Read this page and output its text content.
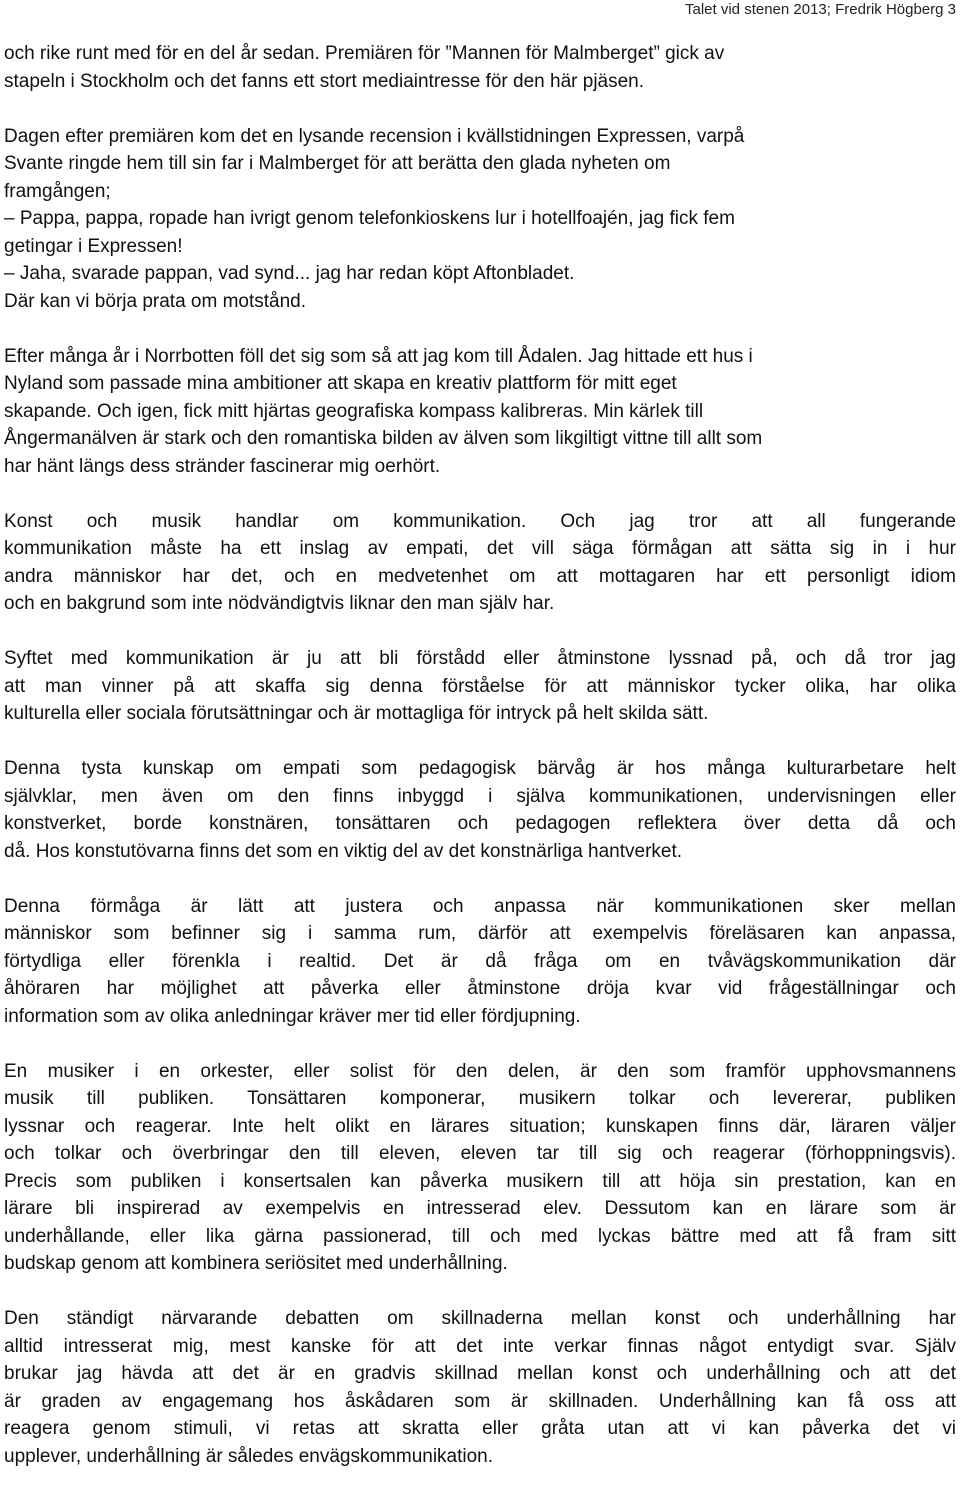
Talet vid stenen 2013; Fredrik Högberg 3

och rike runt med för en del år sedan. Premiären för ”Mannen för Malmberget” gick av
stapeln i Stockholm och det fanns ett stort mediaintresse för den här pjäsen.

Dagen efter premiären kom det en lysande recension i kvällstidningen Expressen, varpå
Svante ringde hem till sin far i Malmberget för att berätta den glada nyheten om
framgången;
– Pappa, pappa, ropade han ivrigt genom telefonkioskens lur i hotellfoajén, jag fick fem
getingar i Expressen!
– Jaha, svarade pappan, vad synd... jag har redan köpt Aftonbladet.
Där kan vi börja prata om motstånd.

Efter många år i Norrbotten föll det sig som så att jag kom till Ådalen. Jag hittade ett hus i
Nyland som passade mina ambitioner att skapa en kreativ plattform för mitt eget
skapande. Och igen, fick mitt hjärtas geografiska kompass kalibreras. Min kärlek till
Ångermanälven är stark och den romantiska bilden av älven som likgiltigt vittne till allt som
har hänt längs dess stränder fascinerar mig oerhört.

Konst och musik handlar om kommunikation. Och jag tror att all fungerande
kommunikation måste ha ett inslag av empati, det vill säga förmågan att sätta sig in i hur
andra människor har det, och en medvetenhet om att mottagaren har ett personligt idiom
och en bakgrund som inte nödvändigtvis liknar den man själv har.

Syftet med kommunikation är ju att bli förstådd eller åtminstone lyssnad på, och då tror jag
att man vinner på att skaffa sig denna förståelse för att människor tycker olika, har olika
kulturella eller sociala förutsättningar och är mottagliga för intryck på helt skilda sätt.

Denna tysta kunskap om empati som pedagogisk bärvåg är hos många kulturarbetare helt
självklar, men även om den finns inbyggd i själva kommunikationen, undervisningen eller
konstverket, borde konstnären, tonsättaren och pedagogen reflektera över detta då och
då. Hos konstutövarna finns det som en viktig del av det konstnärliga hantverket.

Denna förmåga är lätt att justera och anpassa när kommunikationen sker mellan
människor som befinner sig i samma rum, därför att exempelvis föreläsaren kan anpassa,
förtydliga eller förenkla i realtid. Det är då fråga om en tvåvägskommunikation där
åhöraren har möjlighet att påverka eller åtminstone dröja kvar vid frågeställningar och
information som av olika anledningar kräver mer tid eller fördjupning.

En musiker i en orkester, eller solist för den delen, är den som framför upphovsmannens
musik till publiken. Tonsättaren komponerar, musikern tolkar och levererar, publiken
lyssnar och reagerar. Inte helt olikt en lärares situation; kunskapen finns där, läraren väljer
och tolkar och överbringar den till eleven, eleven tar till sig och reagerar (förhoppningsvis).
Precis som publiken i konsertsalen kan påverka musikern till att höja sin prestation, kan en
lärare bli inspirerad av exempelvis en intresserad elev. Dessutom kan en lärare som är
underhållande, eller lika gärna passionerad, till och med lyckas bättre med att få fram sitt
budskap genom att kombinera seriösitet med underhållning.

Den ständigt närvarande debatten om skillnaderna mellan konst och underhållning har
alltid intresserat mig, mest kanske för att det inte verkar finnas något entydigt svar. Själv
brukar jag hävda att det är en gradvis skillnad mellan konst och underhållning och att det
är graden av engagemang hos åskådaren som är skillnaden. Underhållning kan få oss att
reagera genom stimuli, vi retas att skratta eller gråta utan att vi kan påverka det vi
upplever, underhållning är således envägskommunikation.
